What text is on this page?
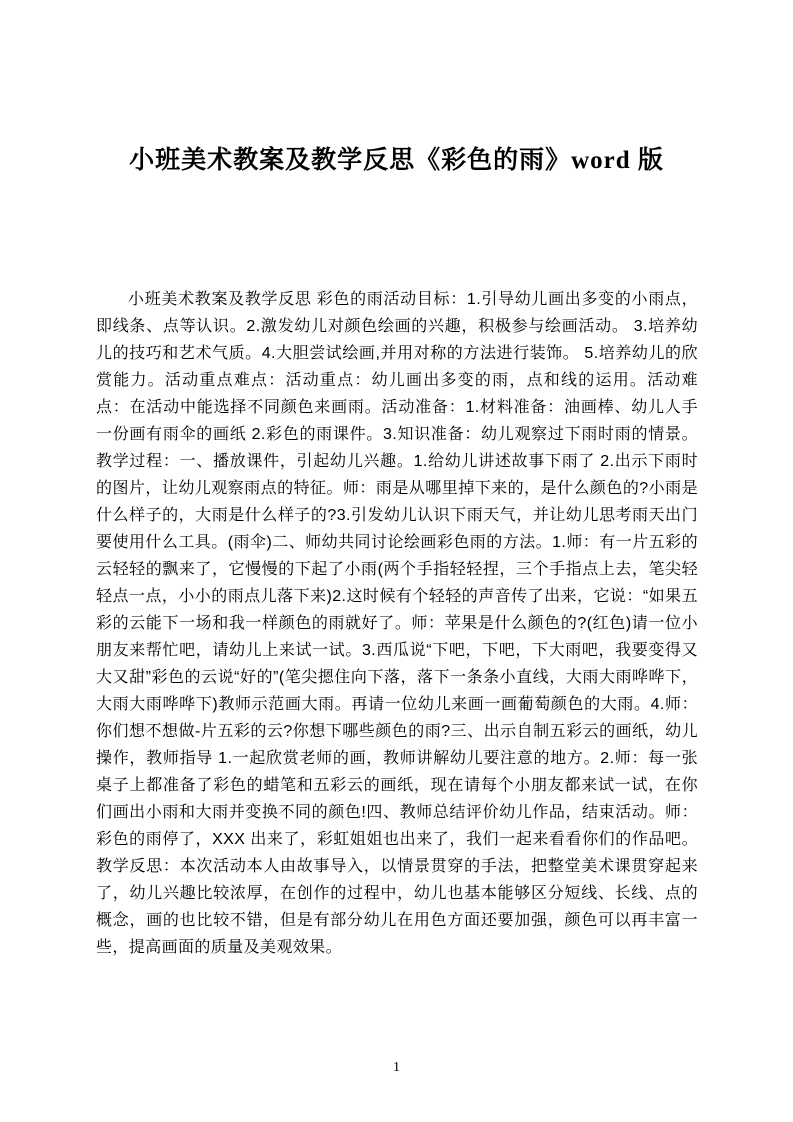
小班美术教案及教学反思《彩色的雨》word 版

小班美术教案及教学反思 彩色的雨活动目标：1.引导幼儿画出多变的小雨点，即线条、点等认识。2.激发幼儿对颜色绘画的兴趣，积极参与绘画活动。 3.培养幼儿的技巧和艺术气质。4.大胆尝试绘画,并用对称的方法进行装饰。 5.培养幼儿的欣赏能力。活动重点难点：活动重点：幼儿画出多变的雨，点和线的运用。活动难点：在活动中能选择不同颜色来画雨。活动准备：1.材料准备：油画棒、幼儿人手一份画有雨伞的画纸 2.彩色的雨课件。3.知识准备：幼儿观察过下雨时雨的情景。教学过程：一、播放课件，引起幼儿兴趣。1.给幼儿讲述故事下雨了 2.出示下雨时的图片，让幼儿观察雨点的特征。师：雨是从哪里掉下来的，是什么颜色的?小雨是什么样子的，大雨是什么样子的?3.引发幼儿认识下雨天气，并让幼儿思考雨天出门要使用什么工具。(雨伞)二、师幼共同讨论绘画彩色雨的方法。1.师：有一片五彩的云轻轻的飘来了，它慢慢的下起了小雨(两个手指轻轻捏，三个手指点上去，笔尖轻轻点一点，小小的雨点儿落下来)2.这时候有个轻轻的声音传了出来，它说：“如果五彩的云能下一场和我一样颜色的雨就好了。师：苹果是什么颜色的?(红色)请一位小朋友来帮忙吧，请幼儿上来试一试。3.西瓜说“下吧，下吧，下大雨吧，我要变得又大又甜”彩色的云说“好的”(笔尖摁住向下落，落下一条条小直线，大雨大雨哗哗下，大雨大雨哗哗下)教师示范画大雨。再请一位幼儿来画一画葡萄颜色的大雨。4.师：你们想不想做-片五彩的云?你想下哪些颜色的雨?三、出示自制五彩云的画纸，幼儿操作，教师指导 1.一起欣赏老师的画，教师讲解幼儿要注意的地方。2.师：每一张桌子上都准备了彩色的蜡笔和五彩云的画纸，现在请每个小朋友都来试一试，在你们画出小雨和大雨并变换不同的颜色!四、教师总结评价幼儿作品，结束活动。师：彩色的雨停了，XXX 出来了，彩虹姐姐也出来了，我们一起来看看你们的作品吧。教学反思：本次活动本人由故事导入，以情景贯穿的手法，把整堂美术课贯穿起来了，幼儿兴趣比较浓厚，在创作的过程中，幼儿也基本能够区分短线、长线、点的概念，画的也比较不错，但是有部分幼儿在用色方面还要加强，颜色可以再丰富一些，提高画面的质量及美观效果。

1
